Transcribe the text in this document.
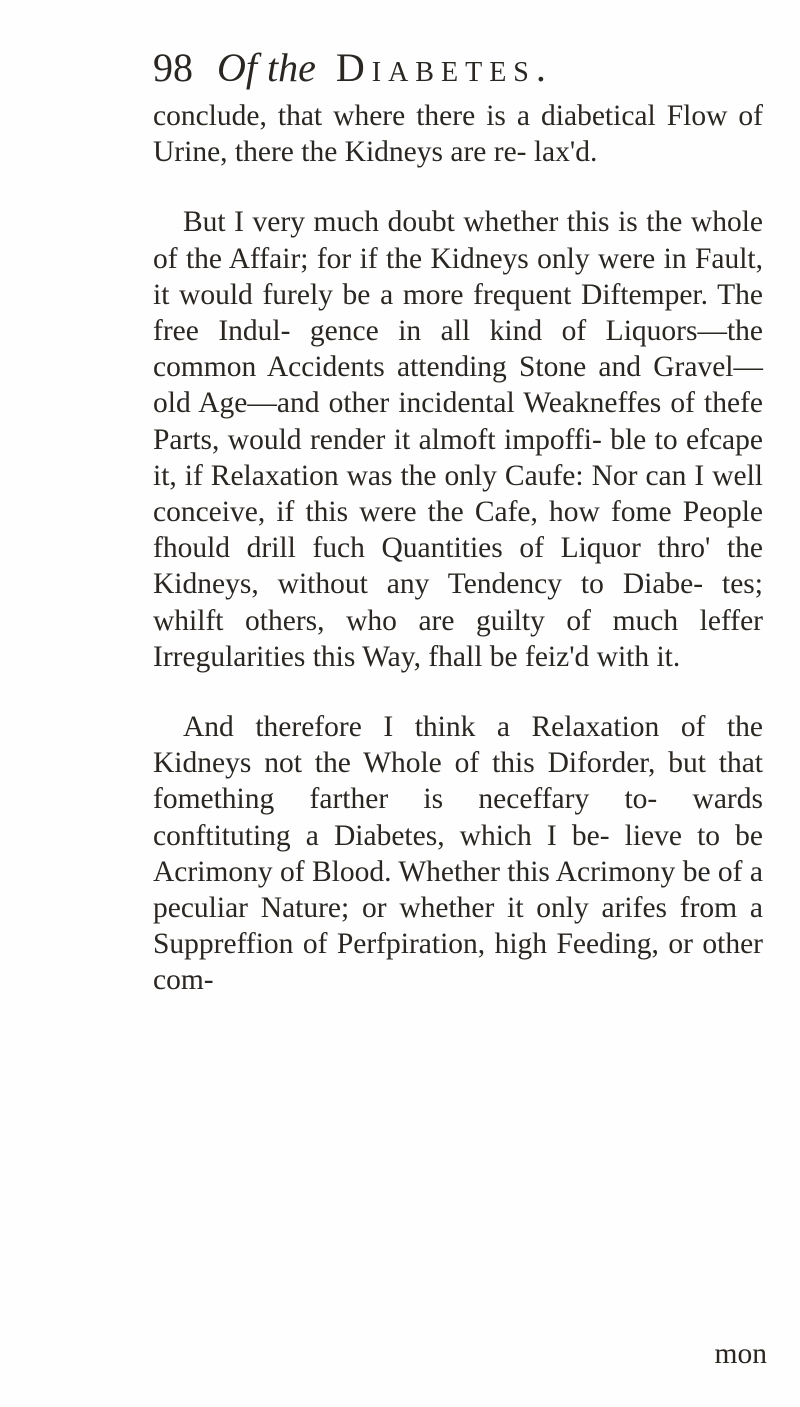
98 Of the Diabetes.

conclude, that where there is a diabetical Flow of Urine, there the Kidneys are re- lax'd.

But I very much doubt whether this is the whole of the Affair; for if the Kidneys only were in Fault, it would furely be a more frequent Diftemper. The free Indul- gence in all kind of Liquors—the common Accidents attending Stone and Gravel—old Age—and other incidental Weakneffes of thefe Parts, would render it almoft impoffi- ble to efcape it, if Relaxation was the only Caufe: Nor can I well conceive, if this were the Cafe, how fome People fhould drill fuch Quantities of Liquor thro' the Kidneys, without any Tendency to Diabe- tes; whilft others, who are guilty of much leffer Irregularities this Way, fhall be feiz'd with it.

And therefore I think a Relaxation of the Kidneys not the Whole of this Diforder, but that fomething farther is neceffary to- wards conftituting a Diabetes, which I be- lieve to be Acrimony of Blood. Whether this Acrimony be of a peculiar Nature; or whether it only arifes from a Suppreffion of Perfpiration, high Feeding, or other com-

mon
